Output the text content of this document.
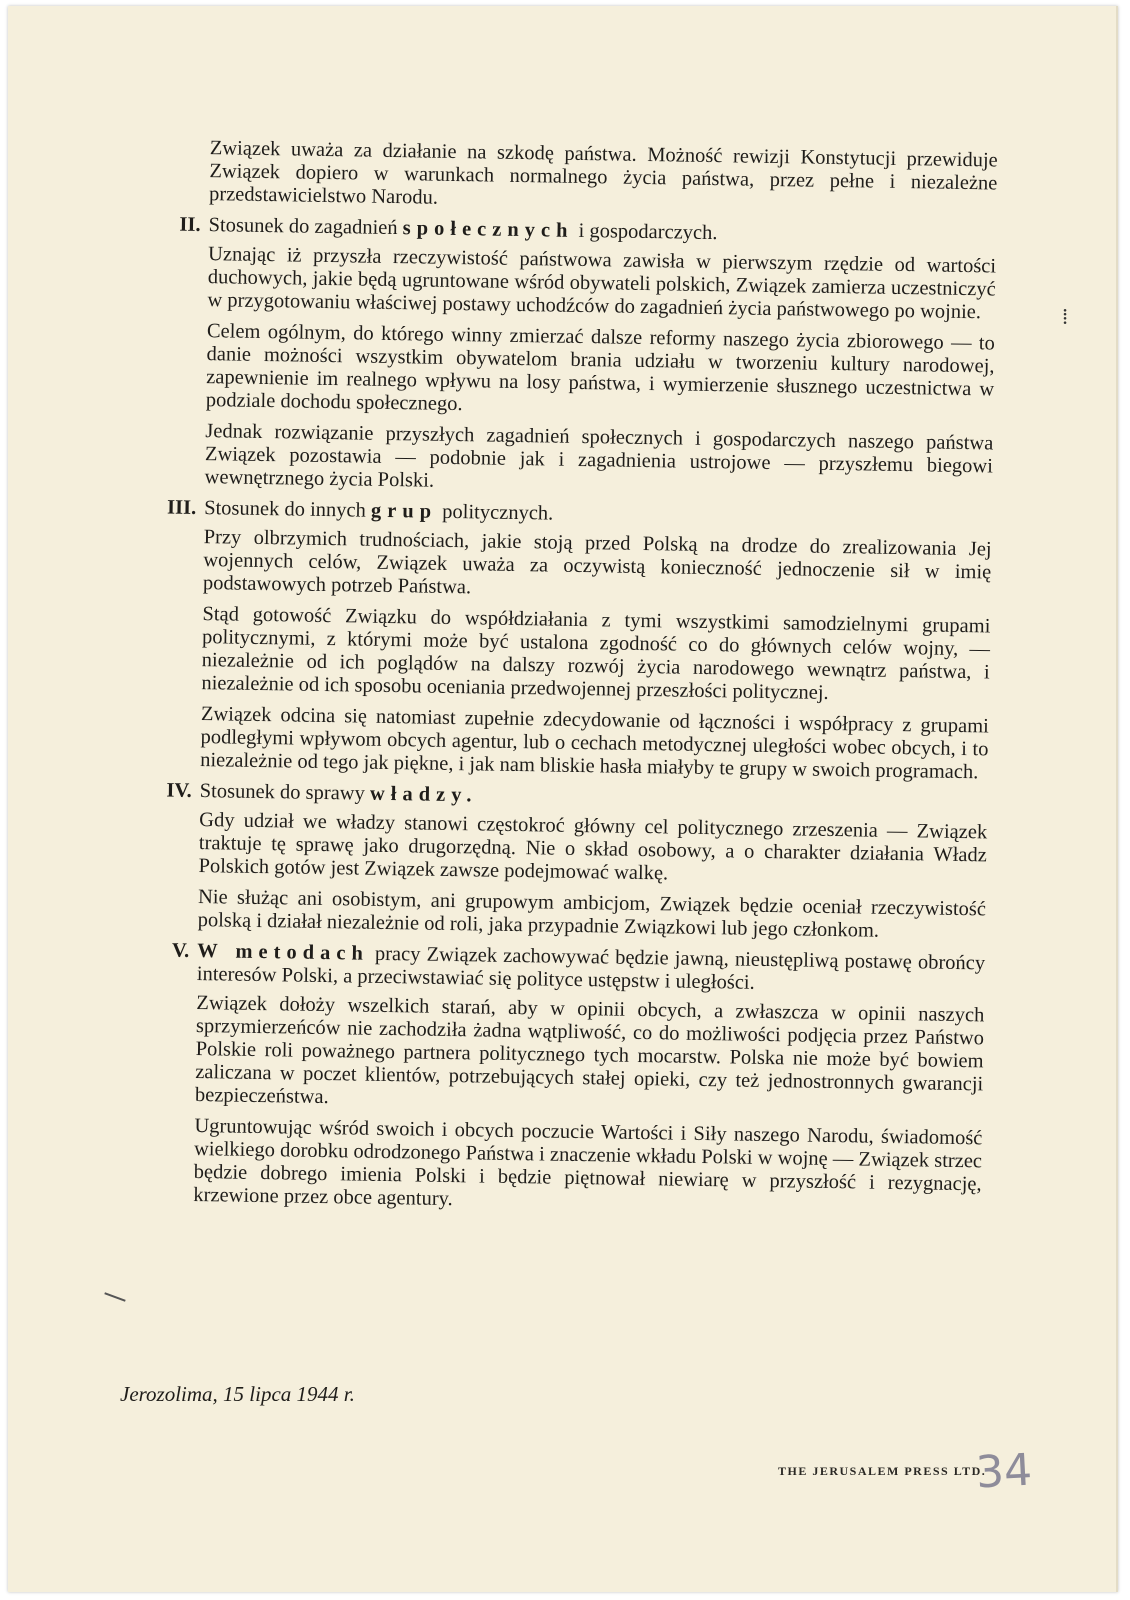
Związek uważa za działanie na szkodę państwa. Możność rewizji Konstytucji przewiduje Związek dopiero w warunkach normalnego życia państwa, przez pełne i niezależne przedstawicielstwo Narodu.

II. Stosunek do zagadnień społecznych i gospodarczych.

Uznając iż przyszła rzeczywistość państwowa zawisła w pierwszym rzędzie od wartości duchowych, jakie będą ugruntowane wśród obywateli polskich, Związek zamierza uczestniczyć w przygotowaniu właściwej postawy uchodźców do zagadnień życia państwowego po wojnie.

Celem ogólnym, do którego winny zmierzać dalsze reformy naszego życia zbiorowego — to danie możności wszystkim obywatelom brania udziału w tworzeniu kultury narodowej, zapewnienie im realnego wpływu na losy państwa, i wymierzenie słusznego uczestnictwa w podziale dochodu społecznego.

Jednak rozwiązanie przyszłych zagadnień społecznych i gospodarczych naszego państwa Związek pozostawia — podobnie jak i zagadnienia ustrojowe — przyszłemu biegowi wewnętrznego życia Polski.

III. Stosunek do innych grup politycznych.

Przy olbrzymich trudnościach, jakie stoją przed Polską na drodze do zrealizowania Jej wojennych celów, Związek uważa za oczywistą konieczność jednoczenie sił w imię podstawowych potrzeb Państwa.

Stąd gotowość Związku do współdziałania z tymi wszystkimi samodzielnymi grupami politycznymi, z którymi może być ustalona zgodność co do głównych celów wojny, — niezależnie od ich poglądów na dalszy rozwój życia narodowego wewnątrz państwa, i niezależnie od ich sposobu oceniania przedwojennej przeszłości politycznej.

Związek odcina się natomiast zupełnie zdecydowanie od łączności i współpracy z grupami podległymi wpływom obcych agentur, lub o cechach metodycznej uległości wobec obcych, i to niezależnie od tego jak piękne, i jak nam bliskie hasła miałyby te grupy w swoich programach.

IV. Stosunek do sprawy władzy.

Gdy udział we władzy stanowi częstokroć główny cel politycznego zrzeszenia — Związek traktuje tę sprawę jako drugorzędną. Nie o skład osobowy, a o charakter działania Władz Polskich gotów jest Związek zawsze podejmować walkę.

Nie służąc ani osobistym, ani grupowym ambicjom, Związek będzie oceniał rzeczywistość polską i działał niezależnie od roli, jaka przypadnie Związkowi lub jego członkom.

V. W metodach pracy Związek zachowywać będzie jawną, nieustępliwą postawę obrońcy interesów Polski, a przeciwstawiać się polityce ustępstw i uległości.

Związek dołoży wszelkich starań, aby w opinii obcych, a zwłaszcza w opinii naszych sprzymierzeńców nie zachodziła żadna wątpliwość, co do możliwości podjęcia przez Państwo Polskie roli poważnego partnera politycznego tych mocarstw. Polska nie może być bowiem zaliczana w poczet klientów, potrzebujących stałej opieki, czy też jednostronnych gwarancji bezpieczeństwa.

Ugruntowując wśród swoich i obcych poczucie Wartości i Siły naszego Narodu, świadomość wielkiego dorobku odrodzonego Państwa i znaczenie wkładu Polski w wojnę — Związek strzec będzie dobrego imienia Polski i będzie piętnował niewiarę w przyszłość i rezygnację, krzewione przez obce agentury.

Jerozolima, 15 lipca 1944 r.
THE JERUSALEM PRESS LTD.
34
⁞
